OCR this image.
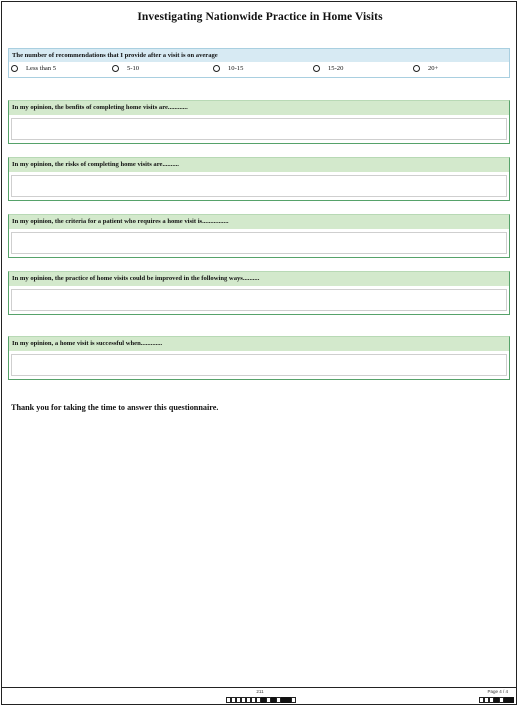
Investigating Nationwide Practice in Home Visits
The number of recommendations that I provide after a visit is on average
Less than 5	5-10	10-15	15-20	20+
In my opinion, the benfits of completing home visits are............
In my opinion, the risks of completing home visits are..........
In my opinion, the criteria for a patient who requires a home visit is................
In my opinion, the practice of home visits could be improved in the following ways..........
In my opinion, a home visit is successful when.............
Thank you for taking the time to answer this questionnaire.
211	Page 4 / 4
